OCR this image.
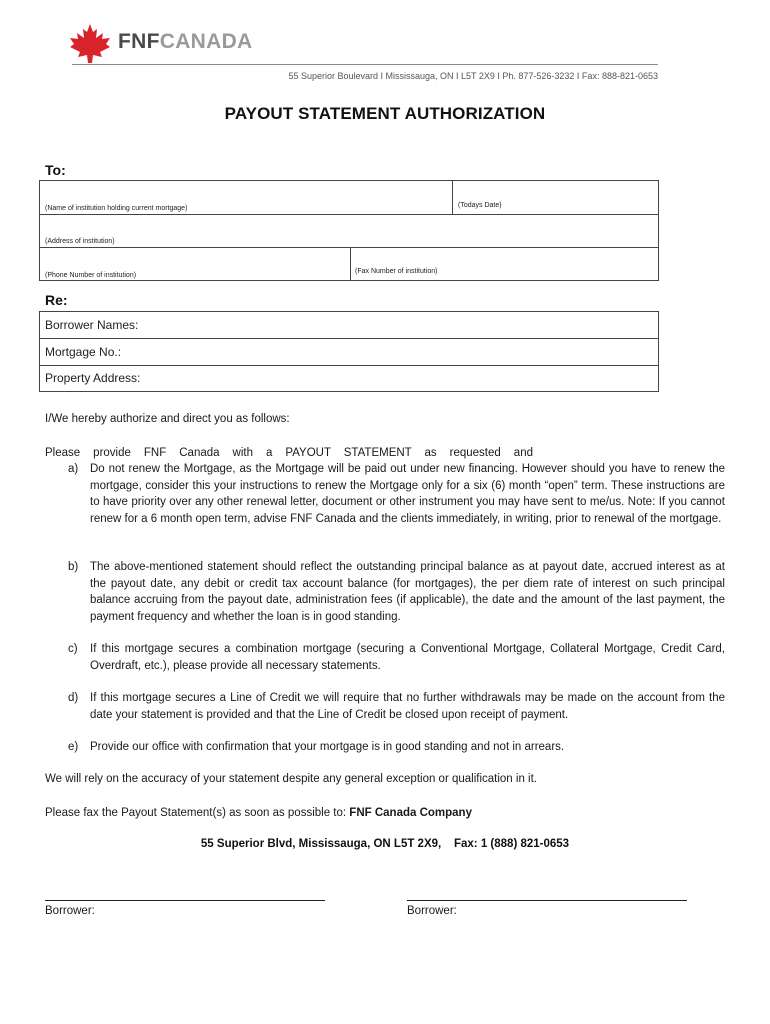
FNFCANADA
55 Superior Boulevard I Mississauga, ON I L5T 2X9 I Ph. 877-526-3232 I Fax: 888-821-0653
PAYOUT STATEMENT AUTHORIZATION
To:
(Name of institution holding current mortgage)	(Todays Date)
(Address of institution)
(Phone Number of institution)
(Fax Number of institution)
Re:
Borrower Names:
Mortgage No.:
Property Address:
I/We hereby authorize and direct you as follows:
Please provide FNF Canada with a PAYOUT STATEMENT as requested and
a) Do not renew the Mortgage, as the Mortgage will be paid out under new financing. However should you have to renew the mortgage, consider this your instructions to renew the Mortgage only for a six (6) month “open” term. These instructions are to have priority over any other renewal letter, document or other instrument you may have sent to me/us. Note: If you cannot renew for a 6 month open term, advise FNF Canada and the clients immediately, in writing, prior to renewal of the mortgage.
b) The above-mentioned statement should reflect the outstanding principal balance as at payout date, accrued interest as at the payout date, any debit or credit tax account balance (for mortgages), the per diem rate of interest on such principal balance accruing from the payout date, administration fees (if applicable), the date and the amount of the last payment, the payment frequency and whether the loan is in good standing.
c) If this mortgage secures a combination mortgage (securing a Conventional Mortgage, Collateral Mortgage, Credit Card, Overdraft, etc.), please provide all necessary statements.
d) If this mortgage secures a Line of Credit we will require that no further withdrawals may be made on the account from the date your statement is provided and that the Line of Credit be closed upon receipt of payment.
e) Provide our office with confirmation that your mortgage is in good standing and not in arrears.
We will rely on the accuracy of your statement despite any general exception or qualification in it.
Please fax the Payout Statement(s) as soon as possible to: FNF Canada Company
55 Superior Blvd, Mississauga, ON L5T 2X9,    Fax: 1 (888) 821-0653
Borrower:	Borrower:
